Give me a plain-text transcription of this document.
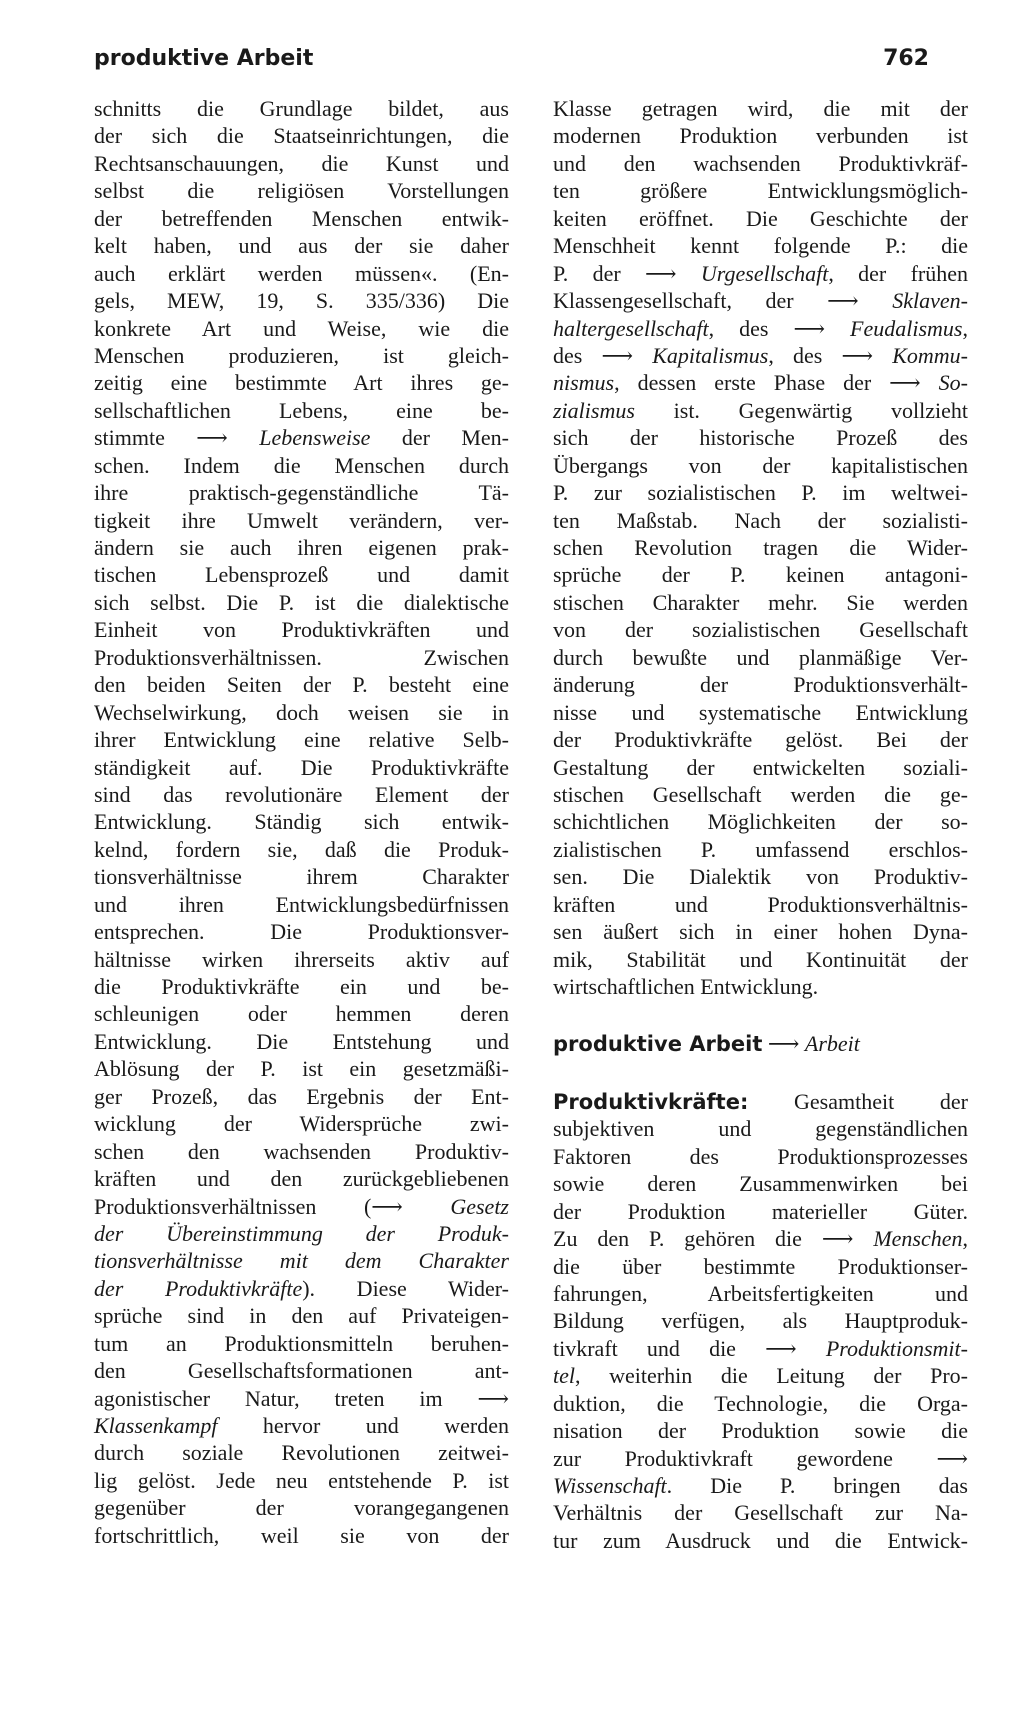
produktive Arbeit	762
schnitts die Grundlage bildet, aus
der sich die Staatseinrichtungen, die
Rechtsanschauungen, die Kunst und
selbst die religiösen Vorstellungen
der betreffenden Menschen entwik-
kelt haben, und aus der sie daher
auch erklärt werden müssen«. (En-
gels, MEW, 19, S. 335/336) Die
konkrete Art und Weise, wie die
Menschen produzieren, ist gleich-
zeitig eine bestimmte Art ihres ge-
sellschaftlichen Lebens, eine be-
stimmte ⟶ Lebensweise der Men-
schen. Indem die Menschen durch
ihre praktisch-gegenständliche Tä-
tigkeit ihre Umwelt verändern, ver-
ändern sie auch ihren eigenen prak-
tischen Lebensprozeß und damit
sich selbst. Die P. ist die dialektische
Einheit von Produktivkräften und
Produktionsverhältnissen. Zwischen
den beiden Seiten der P. besteht eine
Wechselwirkung, doch weisen sie in
ihrer Entwicklung eine relative Selb-
ständigkeit auf. Die Produktivkräfte
sind das revolutionäre Element der
Entwicklung. Ständig sich entwik-
kelnd, fordern sie, daß die Produk-
tionsverhältnisse ihrem Charakter
und ihren Entwicklungsbedürfnissen
entsprechen. Die Produktionsver-
hältnisse wirken ihrerseits aktiv auf
die Produktivkräfte ein und be-
schleunigen oder hemmen deren
Entwicklung. Die Entstehung und
Ablösung der P. ist ein gesetzmäßi-
ger Prozeß, das Ergebnis der Ent-
wicklung der Widersprüche zwi-
schen den wachsenden Produktiv-
kräften und den zurückgebliebenen
Produktionsverhältnissen (⟶ Gesetz
der Übereinstimmung der Produk-
tionsverhältnisse mit dem Charakter
der Produktivkräfte). Diese Wider-
sprüche sind in den auf Privateigen-
tum an Produktionsmitteln beruhen-
den Gesellschaftsformationen ant-
agonistischer Natur, treten im ⟶
Klassenkampf hervor und werden
durch soziale Revolutionen zeitwei-
lig gelöst. Jede neu entstehende P. ist
gegenüber der vorangegangenen
fortschrittlich, weil sie von der
Klasse getragen wird, die mit der
modernen Produktion verbunden ist
und den wachsenden Produktivkräf-
ten größere Entwicklungsmöglich-
keiten eröffnet. Die Geschichte der
Menschheit kennt folgende P.: die
P. der ⟶ Urgesellschaft, der frühen
Klassengesellschaft, der ⟶ Sklaven-
haltergesellschaft, des ⟶ Feudalismus,
des ⟶ Kapitalismus, des ⟶ Kommu-
nismus, dessen erste Phase der ⟶ So-
zialismus ist. Gegenwärtig vollzieht
sich der historische Prozeß des
Übergangs von der kapitalistischen
P. zur sozialistischen P. im weltwei-
ten Maßstab. Nach der sozialisti-
schen Revolution tragen die Wider-
sprüche der P. keinen antagoni-
stischen Charakter mehr. Sie werden
von der sozialistischen Gesellschaft
durch bewußte und planmäßige Ver-
änderung der Produktionsverhält-
nisse und systematische Entwicklung
der Produktivkräfte gelöst. Bei der
Gestaltung der entwickelten soziali-
stischen Gesellschaft werden die ge-
schichtlichen Möglichkeiten der so-
zialistischen P. umfassend erschlos-
sen. Die Dialektik von Produktiv-
kräften und Produktionsverhältnis-
sen äußert sich in einer hohen Dyna-
mik, Stabilität und Kontinuität der
wirtschaftlichen Entwicklung.
produktive Arbeit ⟶ Arbeit
Produktivkräfte: Gesamtheit der
subjektiven und gegenständlichen
Faktoren des Produktionsprozesses
sowie deren Zusammenwirken bei
der Produktion materieller Güter.
Zu den P. gehören die ⟶ Menschen,
die über bestimmte Produktionser-
fahrungen, Arbeitsfertigkeiten und
Bildung verfügen, als Hauptproduk-
tivkraft und die ⟶ Produktionsmit-
tel, weiterhin die Leitung der Pro-
duktion, die Technologie, die Orga-
nisation der Produktion sowie die
zur Produktivkraft gewordene ⟶
Wissenschaft. Die P. bringen das
Verhältnis der Gesellschaft zur Na-
tur zum Ausdruck und die Entwick-
